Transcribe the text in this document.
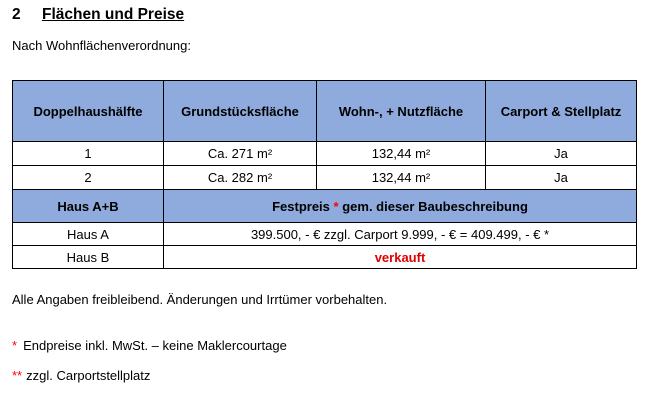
2 Flächen und Preise
Nach Wohnflächenverordnung:
Doppelhaushälfte	Grundstücksfläche	Wohn-, + Nutzfläche	Carport & Stellplatz
1	Ca. 271 m²	132,44 m²	Ja
2	Ca. 282 m²	132,44 m²	Ja
Haus A+B	Festpreis * gem. dieser Baubeschreibung		
Haus A	399.500, - € zzgl. Carport 9.999, - € = 409.499, - € *		
Haus B	verkauft		
Alle Angaben freibleibend. Änderungen und Irrtümer vorbehalten.
* Endpreise inkl. MwSt. – keine Maklercourtage
** zzgl. Carportstellplatz
